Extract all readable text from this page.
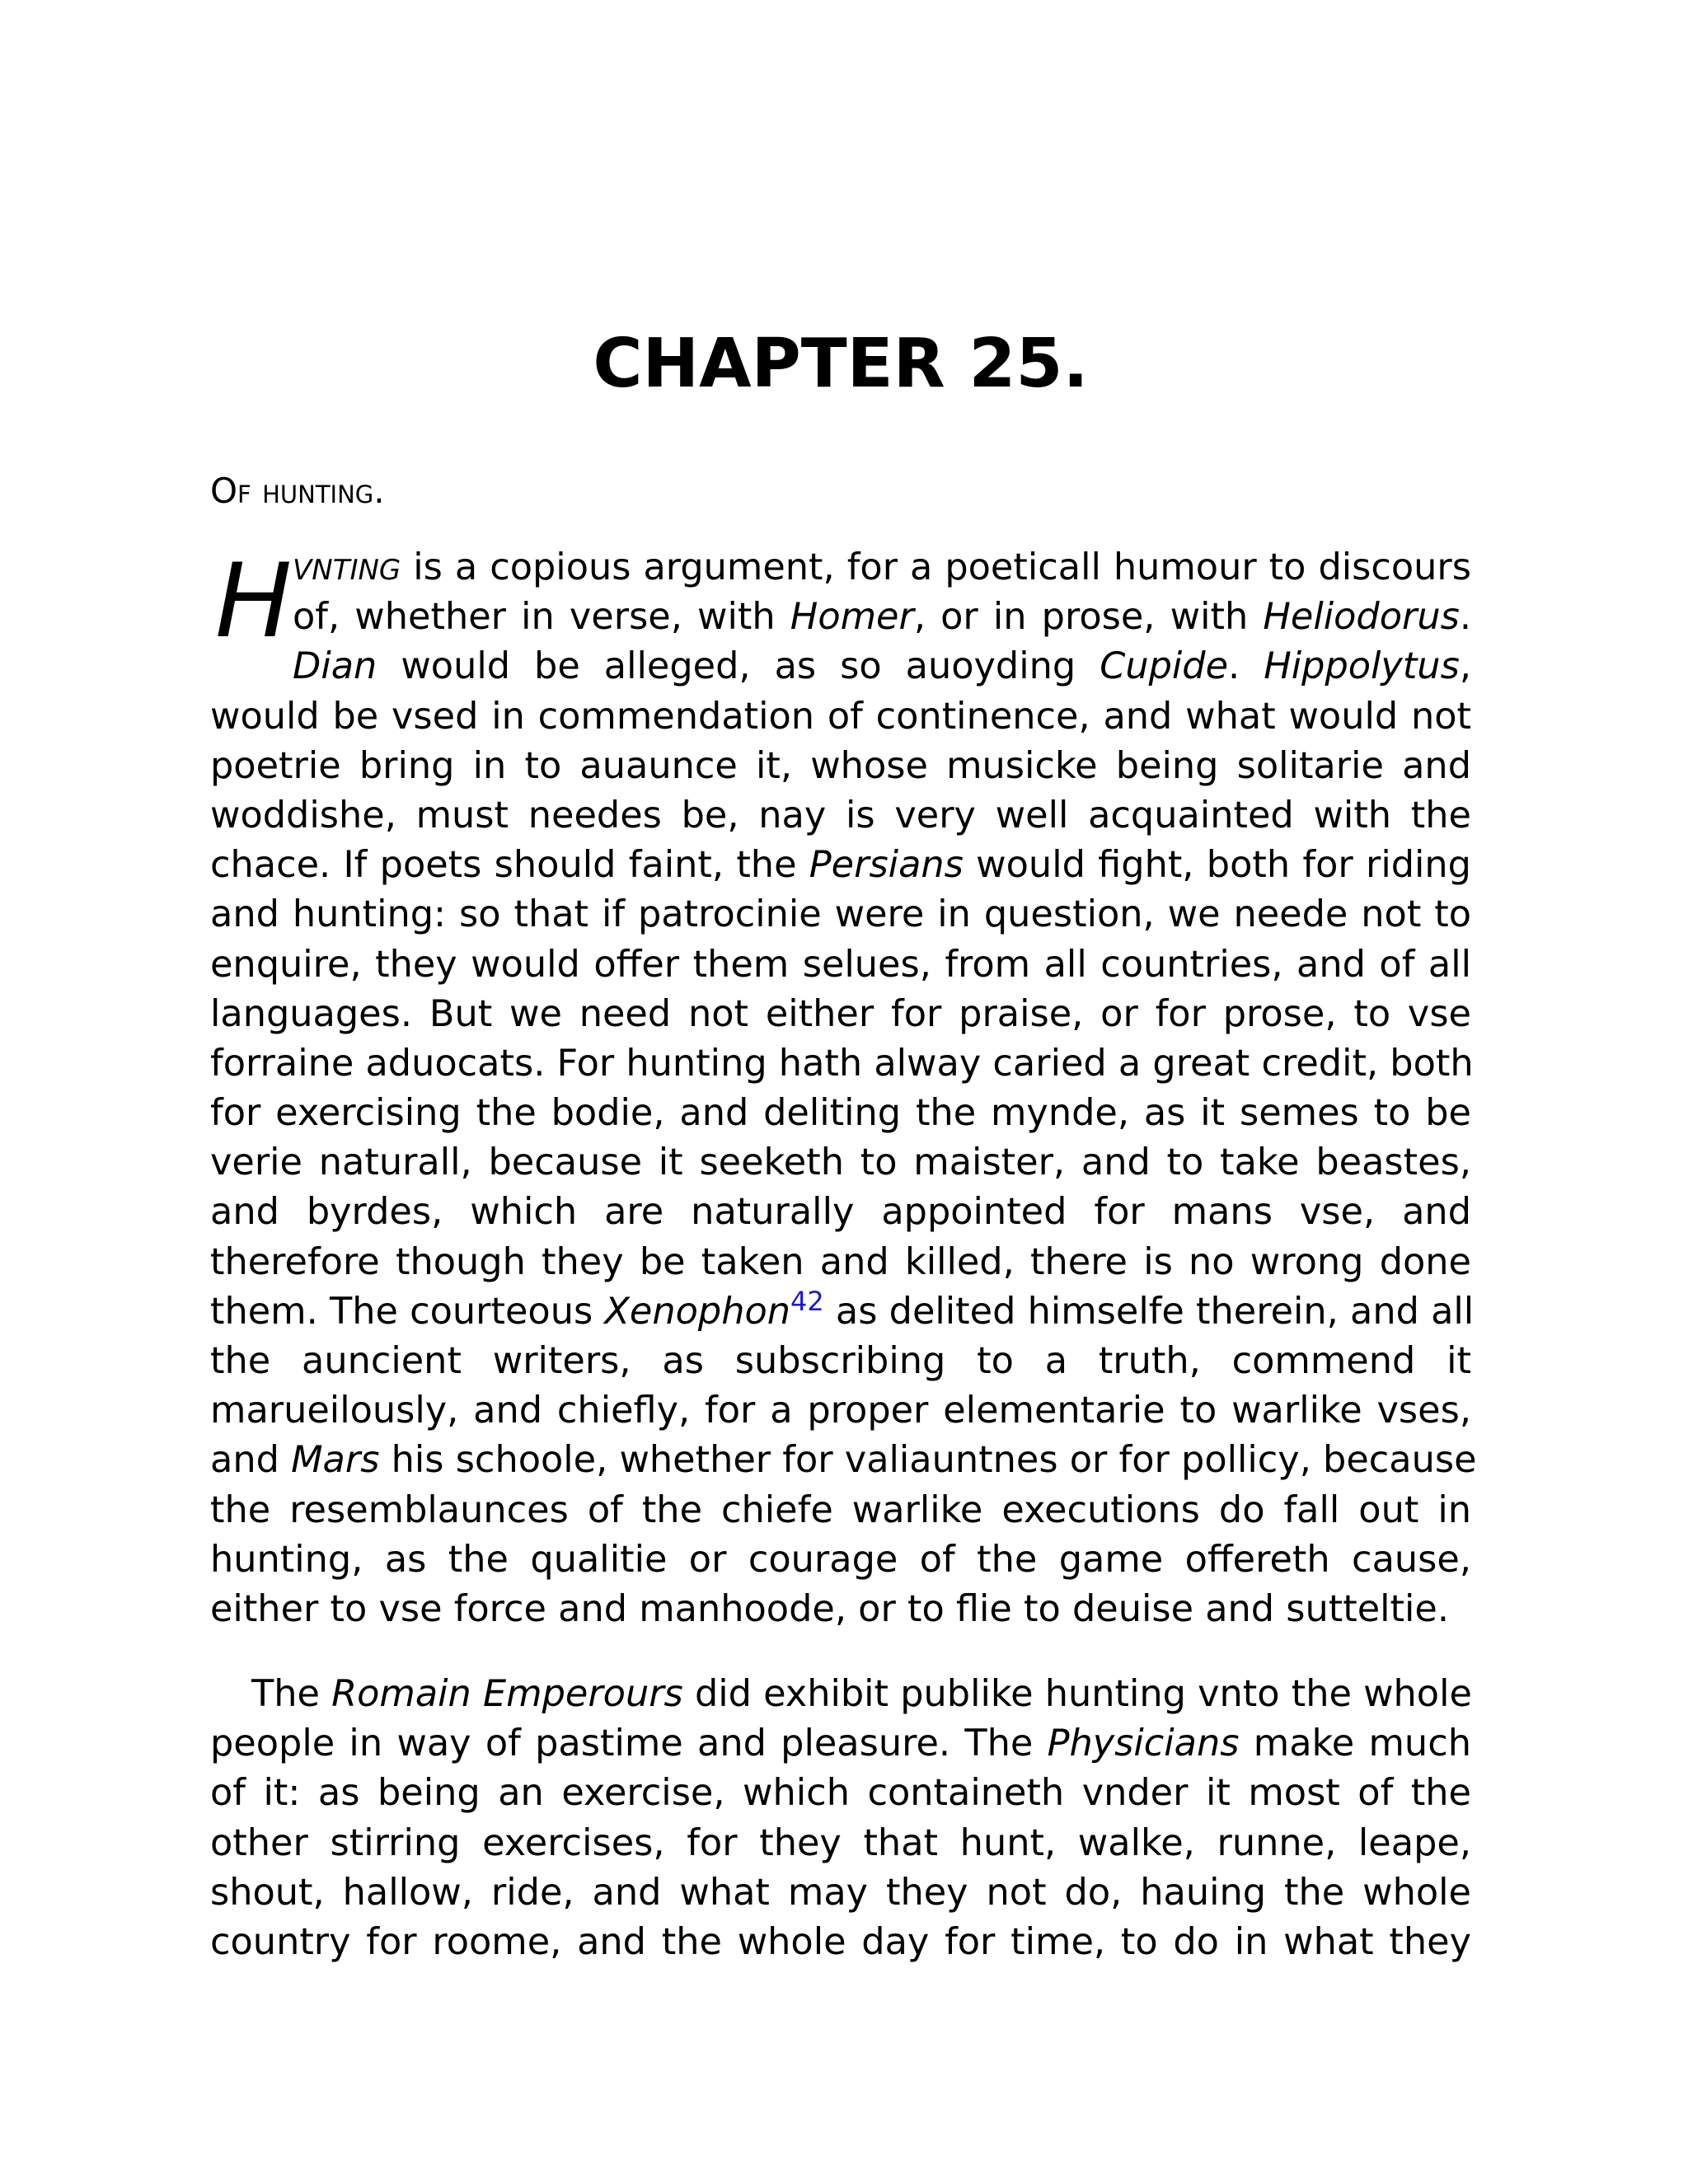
CHAPTER 25.

Of hunting.

H VNTING is a copious argument, for a poeticall humour to discours
of, whether in verse, with Homer, or in prose, with Heliodorus.
Dian would be alleged, as so auoyding Cupide. Hippolytus,
would be vsed in commendation of continence, and what would not
poetrie bring in to auaunce it, whose musicke being solitarie and
woddishe, must needes be, nay is very well acquainted with the
chace. If poets should faint, the Persians would fight, both for riding
and hunting: so that if patrocinie were in question, we neede not to
enquire, they would offer them selues, from all countries, and of all
languages. But we need not either for praise, or for prose, to vse
forraine aduocats. For hunting hath alway caried a great credit, both
for exercising the bodie, and deliting the mynde, as it semes to be
verie naturall, because it seeketh to maister, and to take beastes,
and byrdes, which are naturally appointed for mans vse, and
therefore though they be taken and killed, there is no wrong done
them. The courteous Xenophon$^{42}$ as delited himselfe therein, and all
the auncient writers, as subscribing to a truth, commend it
marueilously, and chiefly, for a proper elementarie to warlike vses,
and Mars his schoole, whether for valiauntnes or for pollicy, because
the resemblaunces of the chiefe warlike executions do fall out in
hunting, as the qualitie or courage of the game offereth cause,
either to vse force and manhoode, or to flie to deuise and sutteltie.
The Romain Emperours did exhibit publike hunting vnto the whole
people in way of pastime and pleasure. The Physicians make much
of it: as being an exercise, which containeth vnder it most of the
other stirring exercises, for they that hunt, walke, runne, leape,
shout, hallow, ride, and what may they not do, hauing the whole
country for roome, and the whole day for time, to do in what they
